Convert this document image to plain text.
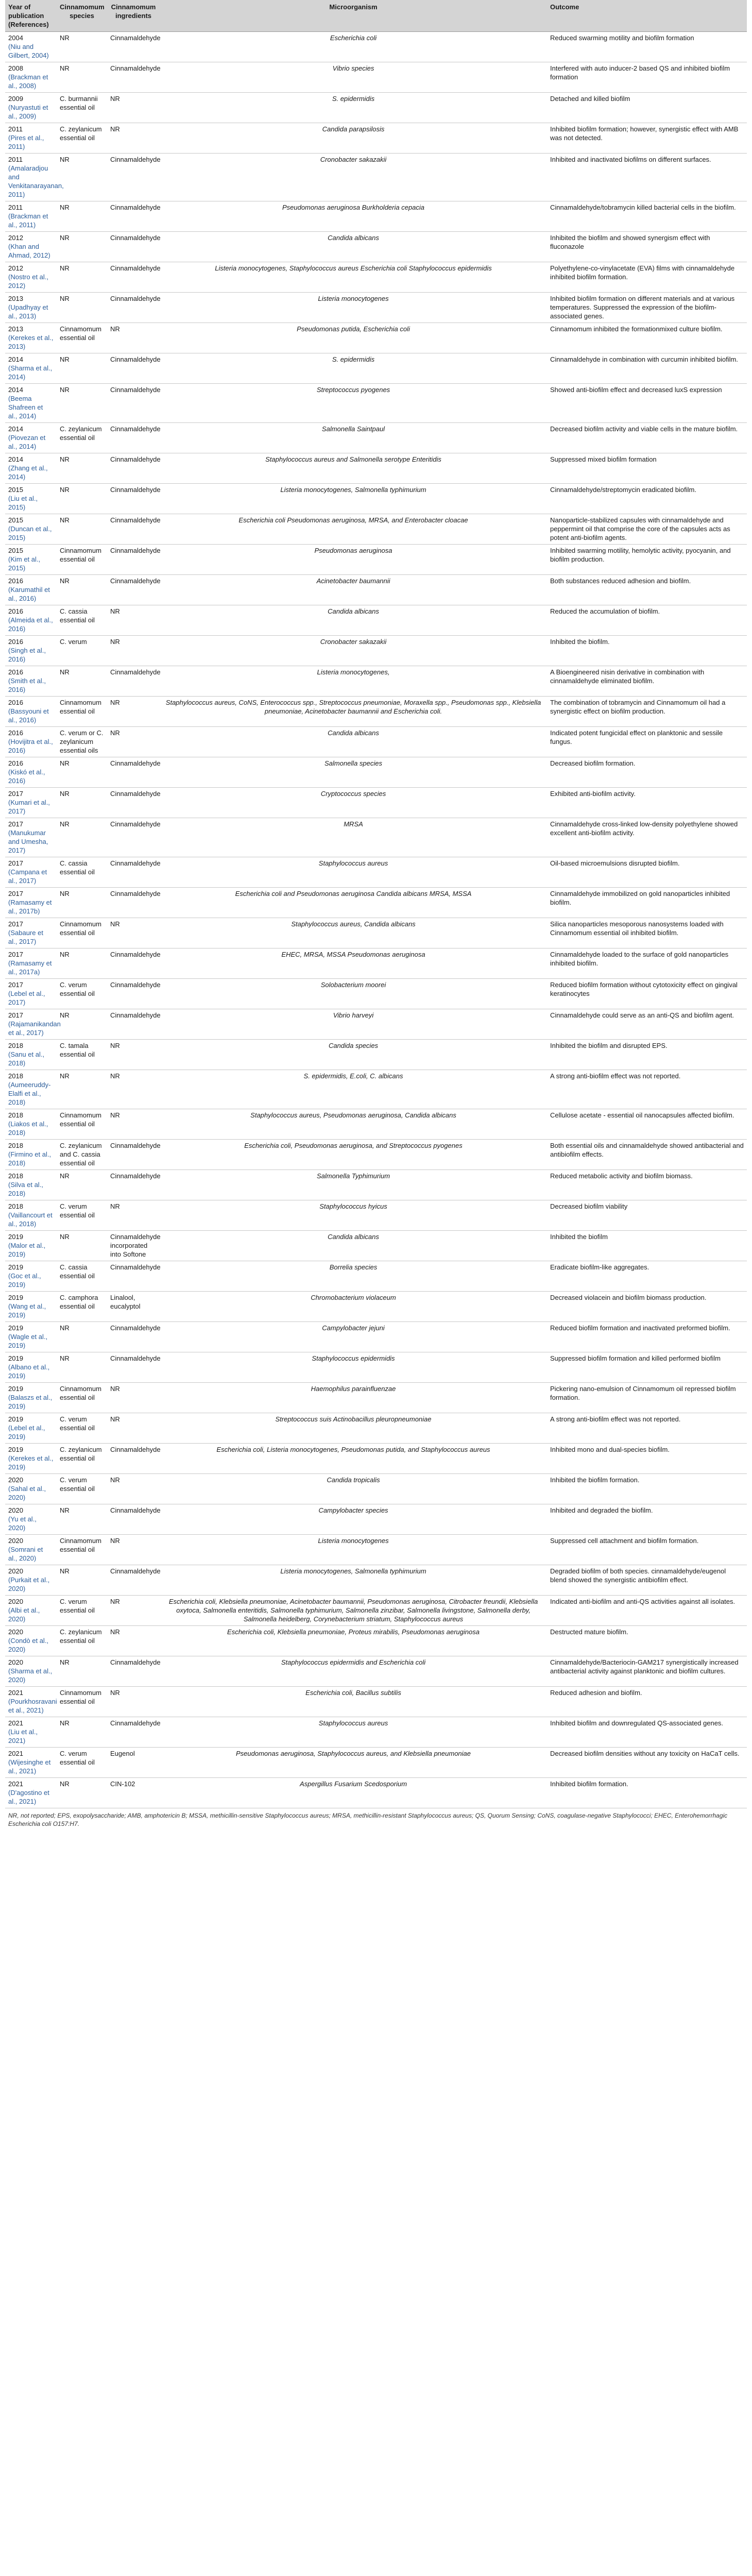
Year of publication (References)	Cinnamomum species	Cinnamomum ingredients	Microorganism	Outcome

2004
(Niu and Gilbert, 2004)	NR	Cinnamaldehyde	Escherichia coli	Reduced swarming motility and biofilm formation

2008
(Brackman et al., 2008)	NR	Cinnamaldehyde	Vibrio species	Interfered with auto inducer-2 based QS and inhibited biofilm formation

2009
(Nuryastuti et al., 2009)	C. burmannii essential oil	NR	S. epidermidis	Detached and killed biofilm

2011
(Pires et al., 2011)	C. zeylanicum essential oil	NR	Candida parapsilosis	Inhibited biofilm formation; however, synergistic effect with AMB was not detected.

2011
(Amalaradjou and Venkitanarayanan, 2011)	NR	Cinnamaldehyde	Cronobacter sakazakii	Inhibited and inactivated biofilms on different surfaces.

2011
(Brackman et al., 2011)	NR	Cinnamaldehyde	Pseudomonas aeruginosa Burkholderia cepacia	Cinnamaldehyde/tobramycin killed bacterial cells in the biofilm.

2012
(Khan and Ahmad, 2012)	NR	Cinnamaldehyde	Candida albicans	Inhibited the biofilm and showed synergism effect with fluconazole

2012
(Nostro et al., 2012)	NR	Cinnamaldehyde	Listeria monocytogenes, Staphylococcus aureus Escherichia coli Staphylococcus epidermidis	Polyethylene-co-vinylacetate (EVA) films with cinnamaldehyde inhibited biofilm formation.

2013
(Upadhyay et al., 2013)	NR	Cinnamaldehyde	Listeria monocytogenes	Inhibited biofilm formation on different materials and at various temperatures. Suppressed the expression of the biofilm-associated genes.

2013
(Kerekes et al., 2013)	Cinnamomum essential oil	NR	Pseudomonas putida, Escherichia coli	Cinnamomum inhibited the formationmixed culture biofilm.

2014
(Sharma et al., 2014)	NR	Cinnamaldehyde	S. epidermidis	Cinnamaldehyde in combination with curcumin inhibited biofilm.

2014
(Beema Shafreen et al., 2014)	NR	Cinnamaldehyde	Streptococcus pyogenes	Showed anti-biofilm effect and decreased luxS expression

2014
(Piovezan et al., 2014)	C. zeylanicum essential oil	Cinnamaldehyde	Salmonella Saintpaul	Decreased biofilm activity and viable cells in the mature biofilm.

2014
(Zhang et al., 2014)	NR	Cinnamaldehyde	Staphylococcus aureus and Salmonella serotype Enteritidis	Suppressed mixed biofilm formation

2015
(Liu et al., 2015)	NR	Cinnamaldehyde	Listeria monocytogenes, Salmonella typhimurium	Cinnamaldehyde/streptomycin eradicated biofilm.

2015
(Duncan et al., 2015)	NR	Cinnamaldehyde	Escherichia coli Pseudomonas aeruginosa, MRSA, and Enterobacter cloacae	Nanoparticle-stabilized capsules with cinnamaldehyde and peppermint oil that comprise the core of the capsules acts as potent anti-biofilm agents.

2015
(Kim et al., 2015)	Cinnamomum essential oil	Cinnamaldehyde	Pseudomonas aeruginosa	Inhibited swarming motility, hemolytic activity, pyocyanin, and biofilm production.

2016
(Karumathil et al., 2016)	NR	Cinnamaldehyde	Acinetobacter baumannii	Both substances reduced adhesion and biofilm.

2016
(Almeida et al., 2016)	C. cassia essential oil	NR	Candida albicans	Reduced the accumulation of biofilm.

2016
(Singh et al., 2016)	C. verum	NR	Cronobacter sakazakii	Inhibited the biofilm.

2016
(Smith et al., 2016)	NR	Cinnamaldehyde	Listeria monocytogenes,	A Bioengineered nisin derivative in combination with cinnamaldehyde eliminated biofilm.

2016
(Bassyouni et al., 2016)	Cinnamomum essential oil	NR	Staphylococcus aureus, CoNS, Enterococcus spp., Streptococcus pneumoniae, Moraxella spp., Pseudomonas spp., Klebsiella pneumoniae, Acinetobacter baumannii and Escherichia coli.	The combination of tobramycin and Cinnamomum oil had a synergistic effect on biofilm production.

2016
(Hovijitra et al., 2016)	C. verum or C. zeylanicum essential oils	NR	Candida albicans	Indicated potent fungicidal effect on planktonic and sessile fungus.

2016
(Kiskó et al., 2016)	NR	Cinnamaldehyde	Salmonella species	Decreased biofilm formation.

2017
(Kumari et al., 2017)	NR	Cinnamaldehyde	Cryptococcus species	Exhibited anti-biofilm activity.

2017
(Manukumar and Umesha, 2017)	NR	Cinnamaldehyde	MRSA	Cinnamaldehyde cross-linked low-density polyethylene showed excellent anti-biofilm activity.

2017
(Campana et al., 2017)	C. cassia essential oil	Cinnamaldehyde	Staphylococcus aureus	Oil-based microemulsions disrupted biofilm.

2017
(Ramasamy et al., 2017b)	NR	Cinnamaldehyde	Escherichia coli and Pseudomonas aeruginosa Candida albicans MRSA, MSSA	Cinnamaldehyde immobilized on gold nanoparticles inhibited biofilm.

2017
(Sabaure et al., 2017)	Cinnamomum essential oil	NR	Staphylococcus aureus, Candida albicans	Silica nanoparticles mesoporous nanosystems loaded with Cinnamomum essential oil inhibited biofilm.

2017
(Ramasamy et al., 2017a)	NR	Cinnamaldehyde	EHEC, MRSA, MSSA Pseudomonas aeruginosa	Cinnamaldehyde loaded to the surface of gold nanoparticles inhibited biofilm.

2017
(Lebel et al., 2017)	C. verum essential oil	Cinnamaldehyde	Solobacterium moorei	Reduced biofilm formation without cytotoxicity effect on gingival keratinocytes

2017
(Rajamanikandan et al., 2017)	NR	Cinnamaldehyde	Vibrio harveyi	Cinnamaldehyde could serve as an anti-QS and biofilm agent.

2018
(Sanu et al., 2018)	C. tamala essential oil	NR	Candida species	Inhibited the biofilm and disrupted EPS.

2018
(Aumeeruddy-Elalfi et al., 2018)	NR	NR	S. epidermidis, E.coli, C. albicans	A strong anti-biofilm effect was not reported.

2018
(Liakos et al., 2018)	Cinnamomum essential oil	NR	Staphylococcus aureus, Pseudomonas aeruginosa, Candida albicans	Cellulose acetate - essential oil nanocapsules affected biofilm.

2018
(Firmino et al., 2018)	C. zeylanicum and C. cassia essential oil	Cinnamaldehyde	Escherichia coli, Pseudomonas aeruginosa, and Streptococcus pyogenes	Both essential oils and cinnamaldehyde showed antibacterial and antibiofilm effects.

2018
(Silva et al., 2018)	NR	Cinnamaldehyde	Salmonella Typhimurium	Reduced metabolic activity and biofilm biomass.

2018
(Vaillancourt et al., 2018)	C. verum essential oil	NR	Staphylococcus hyicus	Decreased biofilm viability

2019
(Malor et al., 2019)	NR	Cinnamaldehyde incorporated into Softone	Candida albicans	Inhibited the biofilm

2019
(Goc et al., 2019)	C. cassia essential oil	Cinnamaldehyde	Borrelia species	Eradicate biofilm-like aggregates.

2019
(Wang et al., 2019)	C. camphora essential oil	Linalool, eucalyptol	Chromobacterium violaceum	Decreased violacein and biofilm biomass production.

2019
(Wagle et al., 2019)	NR	Cinnamaldehyde	Campylobacter jejuni	Reduced biofilm formation and inactivated preformed biofilm.

2019
(Albano et al., 2019)	NR	Cinnamaldehyde	Staphylococcus epidermidis	Suppressed biofilm formation and killed performed biofilm

2019
(Balaszs et al., 2019)	Cinnamomum essential oil	NR	Haemophilus parainfluenzae	Pickering nano-emulsion of Cinnamomum oil repressed biofilm formation.

2019
(Lebel et al., 2019)	C. verum essential oil	NR	Streptococcus suis Actinobacillus pleuropneumoniae	A strong anti-biofilm effect was not reported.

2019
(Kerekes et al., 2019)	C. zeylanicum essential oil	Cinnamaldehyde	Escherichia coli, Listeria monocytogenes, Pseudomonas putida, and Staphylococcus aureus	Inhibited mono and dual-species biofilm.

2020
(Sahal et al., 2020)	C. verum essential oil	NR	Candida tropicalis	Inhibited the biofilm formation.

2020
(Yu et al., 2020)	NR	Cinnamaldehyde	Campylobacter species	Inhibited and degraded the biofilm.

2020
(Somrani et al., 2020)	Cinnamomum essential oil	NR	Listeria monocytogenes	Suppressed cell attachment and biofilm formation.

2020
(Purkait et al., 2020)	NR	Cinnamaldehyde	Listeria monocytogenes, Salmonella typhimurium	Degraded biofilm of both species. cinnamaldehyde/eugenol blend showed the synergistic antibiofilm effect.

2020
(Albi et al., 2020)	C. verum essential oil	NR	Escherichia coli, Klebsiella pneumoniae, Acinetobacter baumannii, Pseudomonas aeruginosa, Citrobacter freundii, Klebsiella oxytoca, Salmonella enteritidis, Salmonella typhimurium, Salmonella zinzibar, Salmonella livingstone, Salmonella derby, Salmonella heidelberg, Corynebacterium striatum, Staphylococcus aureus	Indicated anti-biofilm and anti-QS activities against all isolates.

2020
(Condò et al., 2020)	C. zeylanicum essential oil	NR	Escherichia coli, Klebsiella pneumoniae, Proteus mirabilis, Pseudomonas aeruginosa	Destructed mature biofilm.

2020
(Sharma et al., 2020)	NR	Cinnamaldehyde	Staphylococcus epidermidis and Escherichia coli	Cinnamaldehyde/Bacteriocin-GAM217 synergistically increased antibacterial activity against planktonic and biofilm cultures.

2021
(Pourkhosravani et al., 2021)	Cinnamomum essential oil	NR	Escherichia coli, Bacillus subtilis	Reduced adhesion and biofilm.

2021
(Liu et al., 2021)	NR	Cinnamaldehyde	Staphylococcus aureus	Inhibited biofilm and downregulated QS-associated genes.

2021
(Wijesinghe et al., 2021)	C. verum essential oil	Eugenol	Pseudomonas aeruginosa, Staphylococcus aureus, and Klebsiella pneumoniae	Decreased biofilm densities without any toxicity on HaCaT cells.

2021
(D'agostino et al., 2021)	NR	CIN-102	Aspergillus Fusarium Scedosporium	Inhibited biofilm formation.
NR, not reported; EPS, exopolysaccharide; AMB, amphotericin B; MSSA, methicillin-sensitive Staphylococcus aureus; MRSA, methicillin-resistant Staphylococcus aureus; QS, Quorum Sensing; CoNS, coagulase-negative Staphylococci; EHEC, Enterohemorrhagic Escherichia coli O157:H7.
